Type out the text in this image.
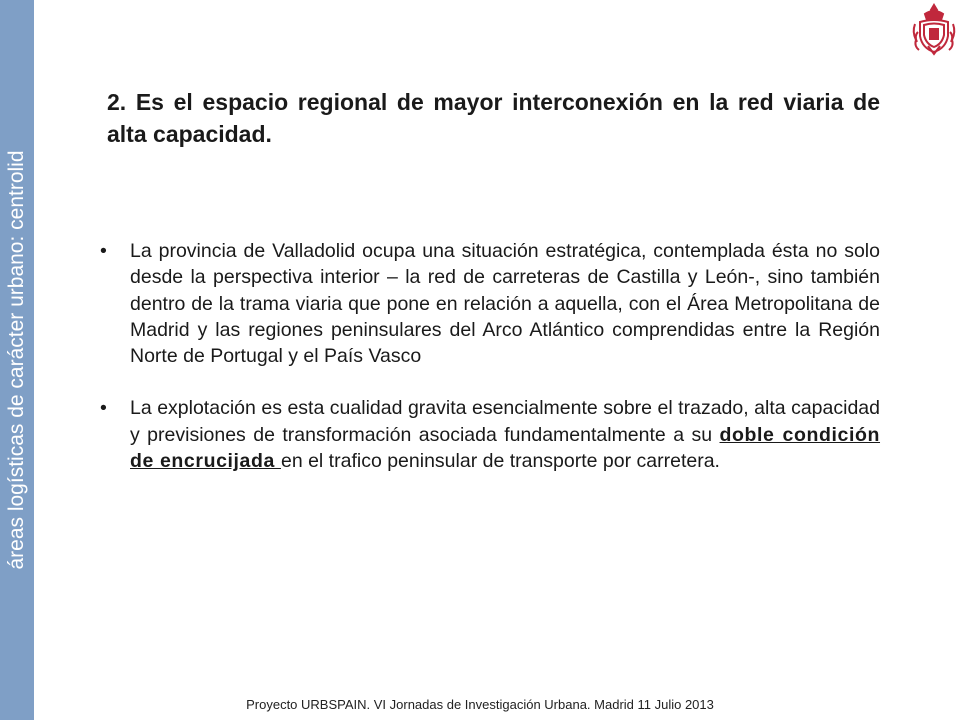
áreas logísticas de carácter urbano: centrolid
2. Es el espacio regional de mayor interconexión en la red viaria de alta capacidad.
•	La provincia de Valladolid ocupa una situación estratégica, contemplada ésta no solo desde la perspectiva interior – la red de carreteras de Castilla y León-, sino también dentro de la trama viaria que pone en relación a aquella, con el Área Metropolitana de Madrid y las regiones peninsulares del Arco Atlántico comprendidas entre la Región Norte de Portugal y el País Vasco
•	La explotación es esta cualidad gravita esencialmente sobre el trazado, alta capacidad y previsiones de transformación asociada fundamentalmente a su doble condición de encrucijada en el trafico peninsular de transporte por carretera.
Proyecto URBSPAIN. VI Jornadas de Investigación Urbana. Madrid 11 Julio 2013
